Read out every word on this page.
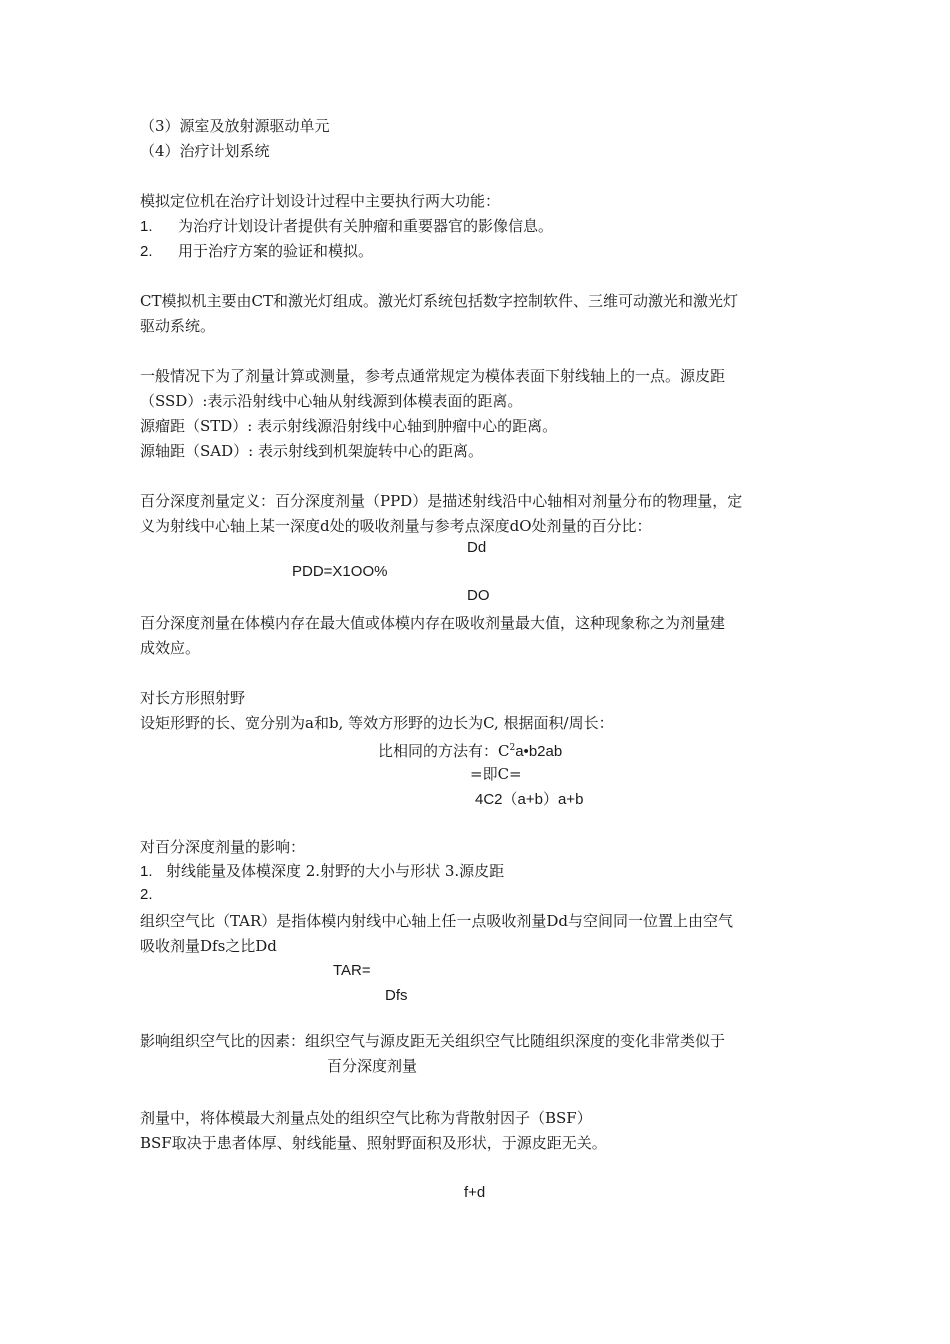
（3）源室及放射源驱动单元
（4）治疗计划系统
模拟定位机在治疗计划设计过程中主要执行两大功能：
1. 为治疗计划设计者提供有关肿瘤和重要器官的影像信息。
2. 用于治疗方案的验证和模拟。
CT模拟机主要由CT和激光灯组成。激光灯系统包括数字控制软件、三维可动激光和激光灯
驱动系统。
一般情况下为了剂量计算或测量，参考点通常规定为模体表面下射线轴上的一点。源皮距
（SSD）:表示沿射线中心轴从射线源到体模表面的距离。
源瘤距（STD）: 表示射线源沿射线中心轴到肿瘤中心的距离。
源轴距（SAD）: 表示射线到机架旋转中心的距离。
百分深度剂量定义：百分深度剂量（PPD）是描述射线沿中心轴相对剂量分布的物理量，定
义为射线中心轴上某一深度d处的吸收剂量与参考点深度dO处剂量的百分比：
Dd
PDD=X1OO%
DO
百分深度剂量在体模内存在最大值或体模内存在吸收剂量最大值，这种现象称之为剂量建
成效应。
对长方形照射野
设矩形野的长、宽分别为a和b, 等效方形野的边长为C, 根据面积/周长：
比相同的方法有：$C^2a•b2ab$
=即C=
4C2（a+b）a+b
对百分深度剂量的影响：
1. 射线能量及体模深度 2.射野的大小与形状 3.源皮距
2.
组织空气比（TAR）是指体模内射线中心轴上任一点吸收剂量Dd与空间同一位置上由空气
吸收剂量Dfs之比Dd
TAR=
Dfs
影响组织空气比的因素：组织空气与源皮距无关组织空气比随组织深度的变化非常类似于
百分深度剂量
剂量中，将体模最大剂量点处的组织空气比称为背散射因子（BSF）
BSF取决于患者体厚、射线能量、照射野面积及形状，于源皮距无关。
f+d
